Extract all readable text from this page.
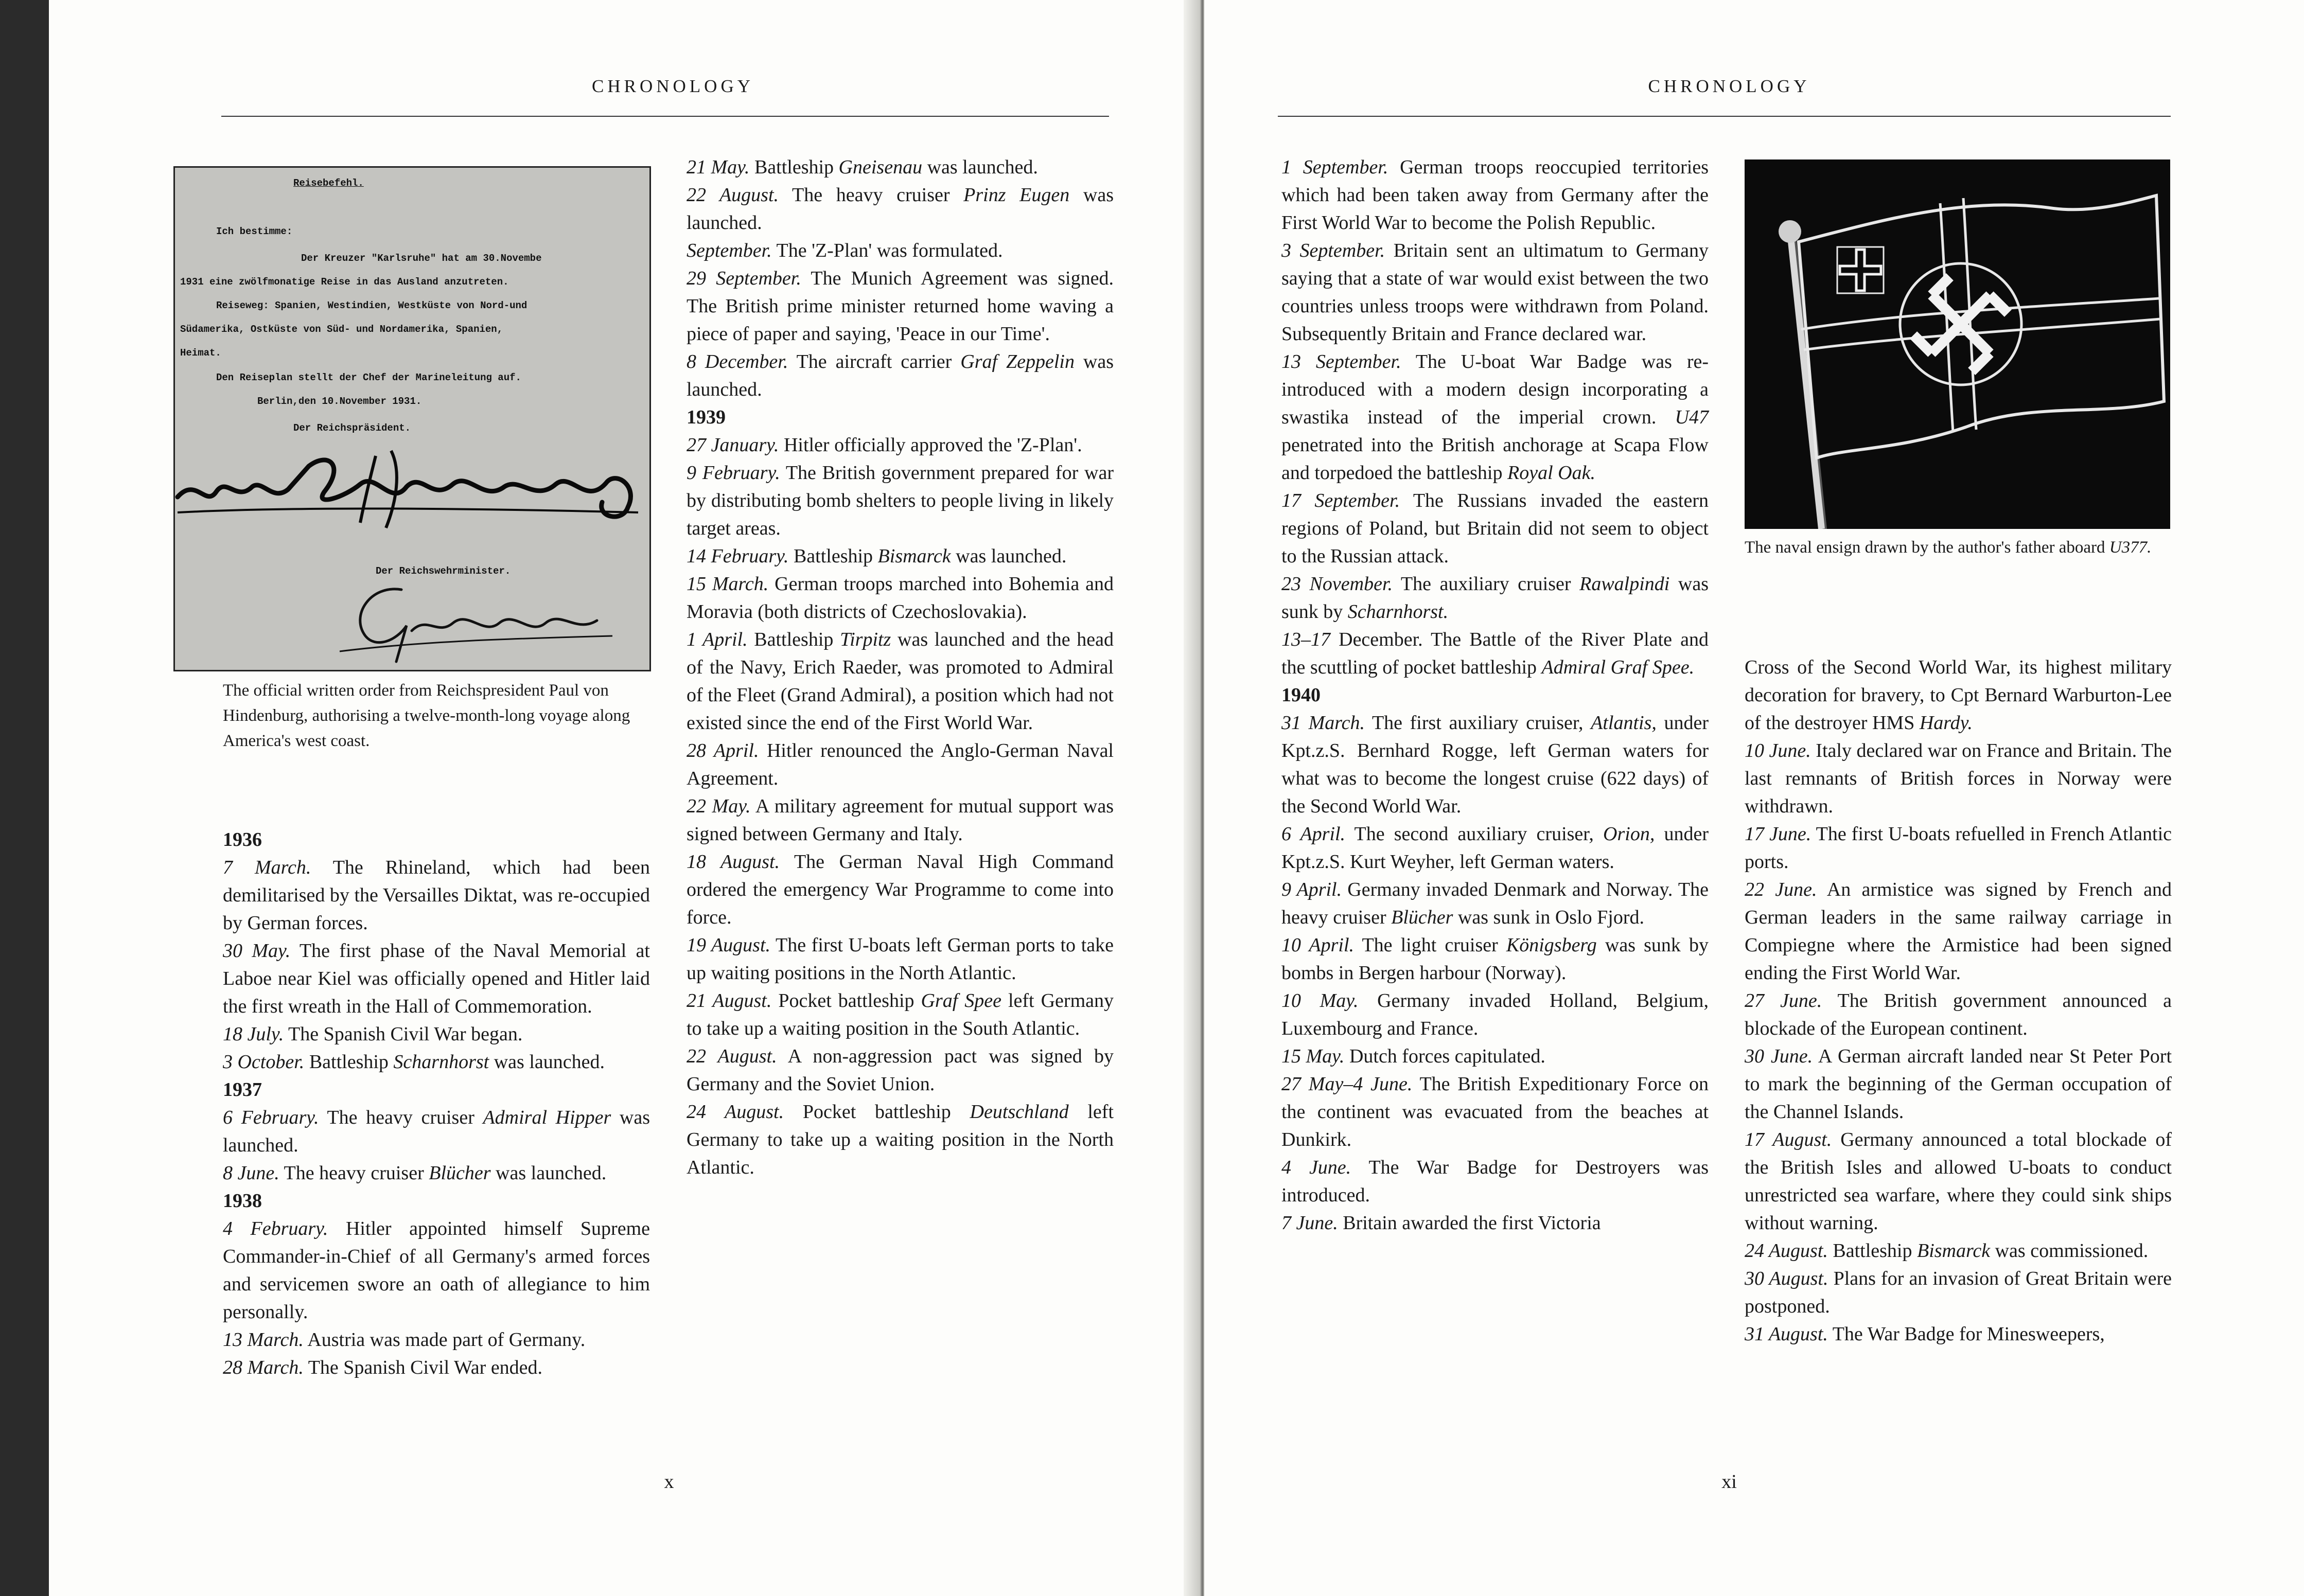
CHRONOLOGY
Reisebefehl.
Ich bestimme:
Der Kreuzer "Karlsruhe" hat am 30.Novembe
1931 eine zwölfmonatige Reise in das Ausland anzutreten.
Reiseweg: Spanien, Westindien, Westküste von Nord-und
Südamerika, Ostküste von Süd- und Nordamerika, Spanien,
Heimat.
Den Reiseplan stellt der Chef der Marineleitung auf.
Berlin,den 10.November 1931.
Der Reichspräsident.
Der Reichswehrminister.
The official written order from Reichspresident Paul von Hindenburg, authorising a twelve-month-long voyage along America's west coast.

1936

7 March. The Rhineland, which had been demilitarised by the Versailles Diktat, was re-occupied by German forces.

30 May. The first phase of the Naval Memorial at Laboe near Kiel was officially opened and Hitler laid the first wreath in the Hall of Commemoration.

18 July. The Spanish Civil War began.

3 October. Battleship Scharnhorst was launched.

1937

6 February. The heavy cruiser Admiral Hipper was launched.

8 June. The heavy cruiser Blücher was launched.

1938

4 February. Hitler appointed himself Supreme Commander-in-Chief of all Germany's armed forces and servicemen swore an oath of allegiance to him personally.

13 March. Austria was made part of Germany.

28 March. The Spanish Civil War ended.

21 May. Battleship Gneisenau was launched.

22 August. The heavy cruiser Prinz Eugen was launched.

September. The 'Z-Plan' was formulated.

29 September. The Munich Agreement was signed. The British prime minister returned home waving a piece of paper and saying, 'Peace in our Time'.

8 December. The aircraft carrier Graf Zeppelin was launched.

1939

27 January. Hitler officially approved the 'Z-Plan'.

9 February. The British government prepared for war by distributing bomb shelters to people living in likely target areas.

14 February. Battleship Bismarck was launched.

15 March. German troops marched into Bohemia and Moravia (both districts of Czechoslovakia).

1 April. Battleship Tirpitz was launched and the head of the Navy, Erich Raeder, was promoted to Admiral of the Fleet (Grand Admiral), a position which had not existed since the end of the First World War.

28 April. Hitler renounced the Anglo-German Naval Agreement.

22 May. A military agreement for mutual support was signed between Germany and Italy.

18 August. The German Naval High Command ordered the emergency War Programme to come into force.

19 August. The first U-boats left German ports to take up waiting positions in the North Atlantic.

21 August. Pocket battleship Graf Spee left Germany to take up a waiting position in the South Atlantic.

22 August. A non-aggression pact was signed by Germany and the Soviet Union.

24 August. Pocket battleship Deutschland left Germany to take up a waiting position in the North Atlantic.

x
CHRONOLOGY

1 September. German troops reoccupied territories which had been taken away from Germany after the First World War to become the Polish Republic.

3 September. Britain sent an ultimatum to Germany saying that a state of war would exist between the two countries unless troops were withdrawn from Poland. Subsequently Britain and France declared war.

13 September. The U-boat War Badge was re-introduced with a modern design incorporating a swastika instead of the imperial crown. U47 penetrated into the British anchorage at Scapa Flow and torpedoed the battleship Royal Oak.

17 September. The Russians invaded the eastern regions of Poland, but Britain did not seem to object to the Russian attack.

23 November. The auxiliary cruiser Rawalpindi was sunk by Scharnhorst.

13–17 December. The Battle of the River Plate and the scuttling of pocket battleship Admiral Graf Spee.

1940

31 March. The first auxiliary cruiser, Atlantis, under Kpt.z.S. Bernhard Rogge, left German waters for what was to become the longest cruise (622 days) of the Second World War.

6 April. The second auxiliary cruiser, Orion, under Kpt.z.S. Kurt Weyher, left German waters.

9 April. Germany invaded Denmark and Norway. The heavy cruiser Blücher was sunk in Oslo Fjord.

10 April. The light cruiser Königsberg was sunk by bombs in Bergen harbour (Norway).

10 May. Germany invaded Holland, Belgium, Luxembourg and France.

15 May. Dutch forces capitulated.

27 May–4 June. The British Expeditionary Force on the continent was evacuated from the beaches at Dunkirk.

4 June. The War Badge for Destroyers was introduced.

7 June. Britain awarded the first Victoria

The naval ensign drawn by the author's father aboard U377.

Cross of the Second World War, its highest military decoration for bravery, to Cpt Bernard Warburton-Lee of the destroyer HMS Hardy.

10 June. Italy declared war on France and Britain. The last remnants of British forces in Norway were withdrawn.

17 June. The first U-boats refuelled in French Atlantic ports.

22 June. An armistice was signed by French and German leaders in the same railway carriage in Compiegne where the Armistice had been signed ending the First World War.

27 June. The British government announced a blockade of the European continent.

30 June. A German aircraft landed near St Peter Port to mark the beginning of the German occupation of the Channel Islands.

17 August. Germany announced a total blockade of the British Isles and allowed U-boats to conduct unrestricted sea warfare, where they could sink ships without warning.

24 August. Battleship Bismarck was commissioned.

30 August. Plans for an invasion of Great Britain were postponed.

31 August. The War Badge for Minesweepers,

xi
